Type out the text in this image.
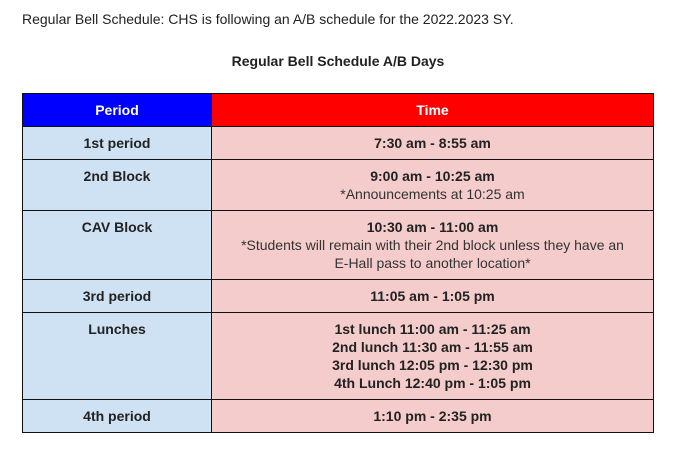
Regular Bell Schedule: CHS is following an A/B schedule for the 2022.2023 SY.
Regular Bell Schedule A/B Days
Period	Time

1st period	7:30 am - 8:55 am

2nd Block	9:00 am - 10:25 am
*Announcements at 10:25 am

CAV Block	10:30 am - 11:00 am
*Students will remain with their 2nd block unless they have an
E-Hall pass to another location*

3rd period	11:05 am - 1:05 pm

Lunches	1st lunch 11:00 am - 11:25 am
2nd lunch 11:30 am - 11:55 am
3rd lunch 12:05 pm - 12:30 pm
4th Lunch 12:40 pm - 1:05 pm

4th period	1:10 pm - 2:35 pm
